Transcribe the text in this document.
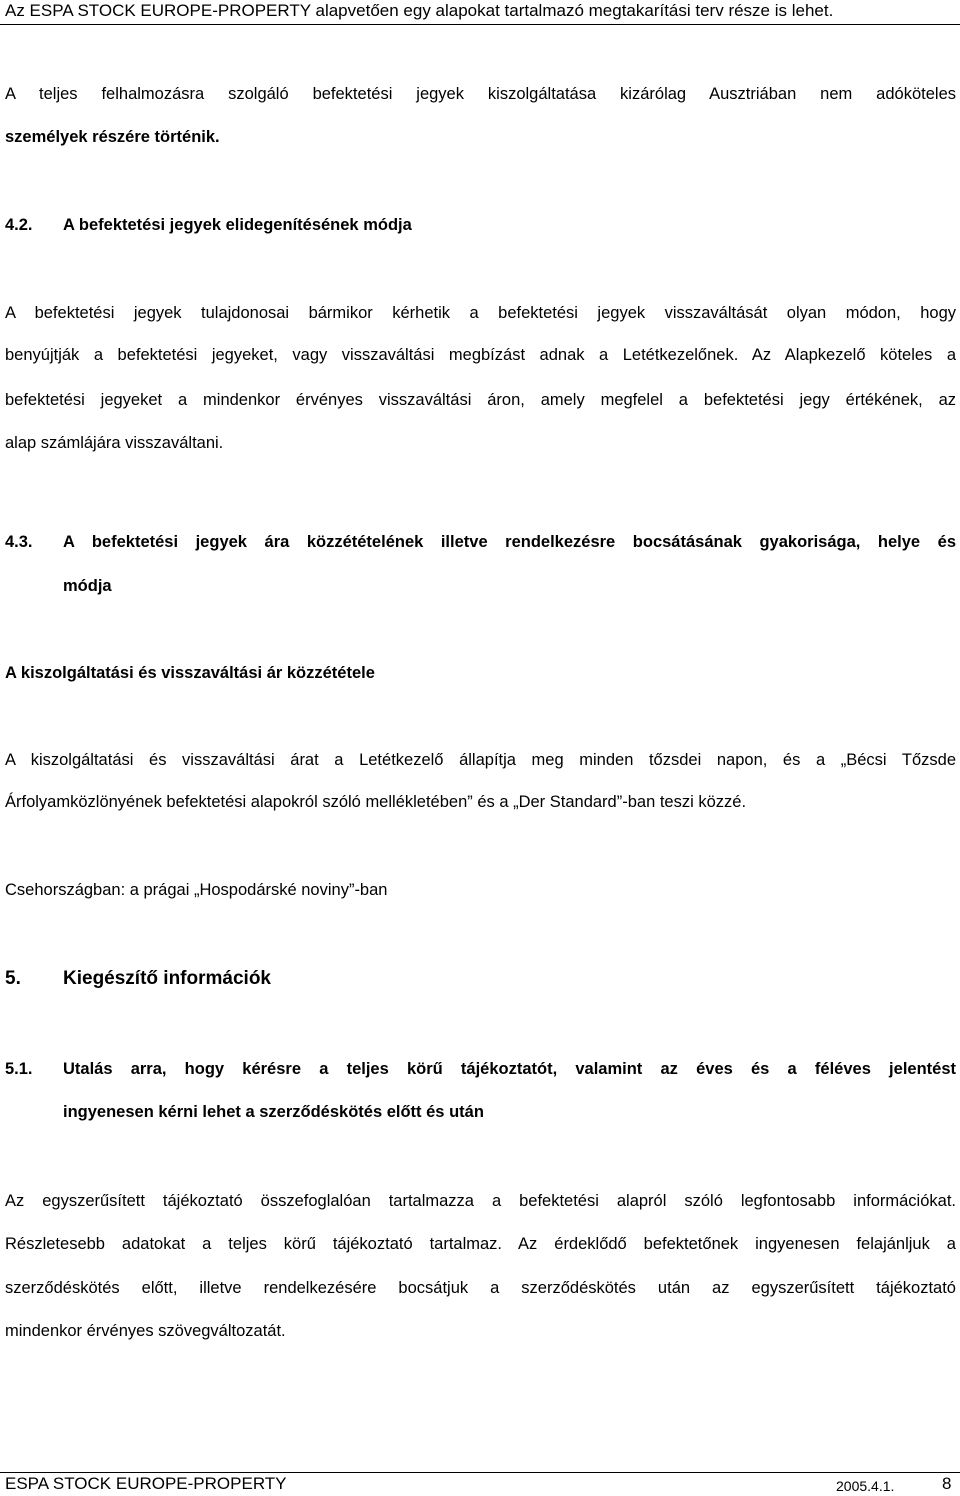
Az ESPA STOCK EUROPE-PROPERTY alapvetően egy alapokat tartalmazó megtakarítási terv része is lehet.
A teljes felhalmozásra szolgáló befektetési jegyek kiszolgáltatása kizárólag Ausztriában nem adóköteles
személyek részére történik.
4.2. A befektetési jegyek elidegenítésének módja
A befektetési jegyek tulajdonosai bármikor kérhetik a befektetési jegyek visszaváltását olyan módon, hogy
benyújtják a befektetési jegyeket, vagy visszaváltási megbízást adnak a Letétkezelőnek. Az Alapkezelő köteles a
befektetési jegyeket a mindenkor érvényes visszaváltási áron, amely megfelel a befektetési jegy értékének, az
alap számlájára visszaváltani.
4.3. A befektetési jegyek ára közzétételének illetve rendelkezésre bocsátásának gyakorisága, helye és
módja
A kiszolgáltatási és visszaváltási ár közzététele
A kiszolgáltatási és visszaváltási árat a Letétkezelő állapítja meg minden tőzsdei napon, és a „Bécsi Tőzsde
Árfolyamközlönyének befektetési alapokról szóló mellékletében” és a „Der Standard”-ban teszi közzé.
Csehországban: a prágai „Hospodárské noviny”-ban
5. Kiegészítő információk
5.1. Utalás arra, hogy kérésre a teljes körű tájékoztatót, valamint az éves és a féléves jelentést
ingyenesen kérni lehet a szerződéskötés előtt és után
Az egyszerűsített tájékoztató összefoglalóan tartalmazza a befektetési alapról szóló legfontosabb információkat.
Részletesebb adatokat a teljes körű tájékoztató tartalmaz. Az érdeklődő befektetőnek ingyenesen felajánljuk a
szerződéskötés előtt, illetve rendelkezésére bocsátjuk a szerződéskötés után az egyszerűsített tájékoztató
mindenkor érvényes szövegváltozatát.
ESPA STOCK EUROPE-PROPERTY	2005.4.1.	8
